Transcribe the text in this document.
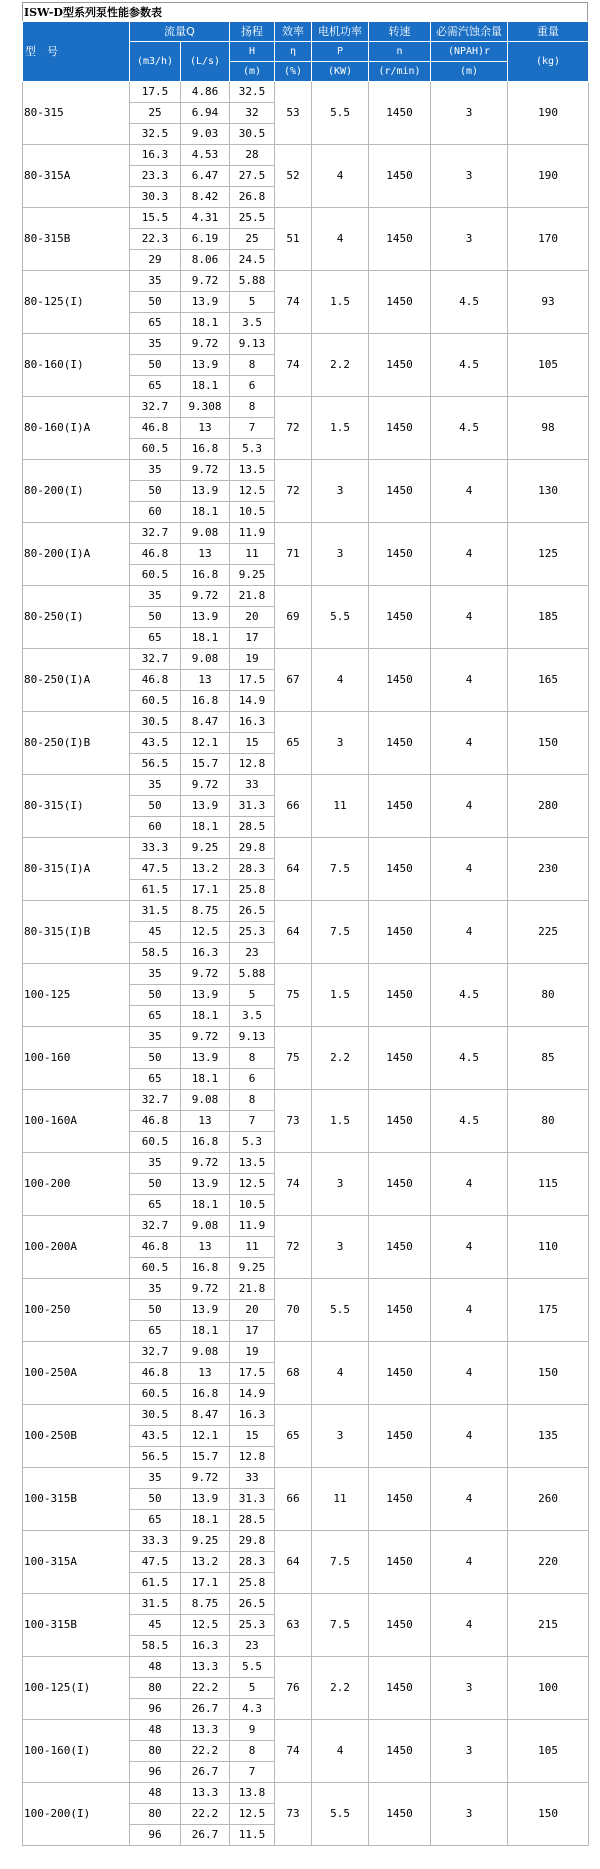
ISW-D型系列泵性能参数表
型　号	流量Q		扬程	效率	电机功率	转速	必需汽蚀余量	重量
	(m3/h)	(L/s)	H	η	P	n	(NPAH)r	(kg)
			(m)	(%)	(KW)	(r/min)	(m)	
80-315	17.5	4.86	32.5	53	5.5	1450	3	190
	25	6.94	32					
	32.5	9.03	30.5					
80-315A	16.3	4.53	28	52	4	1450	3	190
	23.3	6.47	27.5					
	30.3	8.42	26.8					
80-315B	15.5	4.31	25.5	51	4	1450	3	170
	22.3	6.19	25					
	29	8.06	24.5					
80-125(I)	35	9.72	5.88	74	1.5	1450	4.5	93
	50	13.9	5					
	65	18.1	3.5					
80-160(I)	35	9.72	9.13	74	2.2	1450	4.5	105
	50	13.9	8					
	65	18.1	6					
80-160(I)A	32.7	9.308	8	72	1.5	1450	4.5	98
	46.8	13	7					
	60.5	16.8	5.3					
80-200(I)	35	9.72	13.5	72	3	1450	4	130
	50	13.9	12.5					
	60	18.1	10.5					
80-200(I)A	32.7	9.08	11.9	71	3	1450	4	125
	46.8	13	11					
	60.5	16.8	9.25					
80-250(I)	35	9.72	21.8	69	5.5	1450	4	185
	50	13.9	20					
	65	18.1	17					
80-250(I)A	32.7	9.08	19	67	4	1450	4	165
	46.8	13	17.5					
	60.5	16.8	14.9					
80-250(I)B	30.5	8.47	16.3	65	3	1450	4	150
	43.5	12.1	15					
	56.5	15.7	12.8					
80-315(I)	35	9.72	33	66	11	1450	4	280
	50	13.9	31.3					
	60	18.1	28.5					
80-315(I)A	33.3	9.25	29.8	64	7.5	1450	4	230
	47.5	13.2	28.3					
	61.5	17.1	25.8					
80-315(I)B	31.5	8.75	26.5	64	7.5	1450	4	225
	45	12.5	25.3					
	58.5	16.3	23					
100-125	35	9.72	5.88	75	1.5	1450	4.5	80
	50	13.9	5					
	65	18.1	3.5					
100-160	35	9.72	9.13	75	2.2	1450	4.5	85
	50	13.9	8					
	65	18.1	6					
100-160A	32.7	9.08	8	73	1.5	1450	4.5	80
	46.8	13	7					
	60.5	16.8	5.3					
100-200	35	9.72	13.5	74	3	1450	4	115
	50	13.9	12.5					
	65	18.1	10.5					
100-200A	32.7	9.08	11.9	72	3	1450	4	110
	46.8	13	11					
	60.5	16.8	9.25					
100-250	35	9.72	21.8	70	5.5	1450	4	175
	50	13.9	20					
	65	18.1	17					
100-250A	32.7	9.08	19	68	4	1450	4	150
	46.8	13	17.5					
	60.5	16.8	14.9					
100-250B	30.5	8.47	16.3	65	3	1450	4	135
	43.5	12.1	15					
	56.5	15.7	12.8					
100-315B	35	9.72	33	66	11	1450	4	260
	50	13.9	31.3					
	65	18.1	28.5					
100-315A	33.3	9.25	29.8	64	7.5	1450	4	220
	47.5	13.2	28.3					
	61.5	17.1	25.8					
100-315B	31.5	8.75	26.5	63	7.5	1450	4	215
	45	12.5	25.3					
	58.5	16.3	23					
100-125(I)	48	13.3	5.5	76	2.2	1450	3	100
	80	22.2	5					
	96	26.7	4.3					
100-160(I)	48	13.3	9	74	4	1450	3	105
	80	22.2	8					
	96	26.7	7					
100-200(I)	48	13.3	13.8	73	5.5	1450	3	150
	80	22.2	12.5					
	96	26.7	11.5					
